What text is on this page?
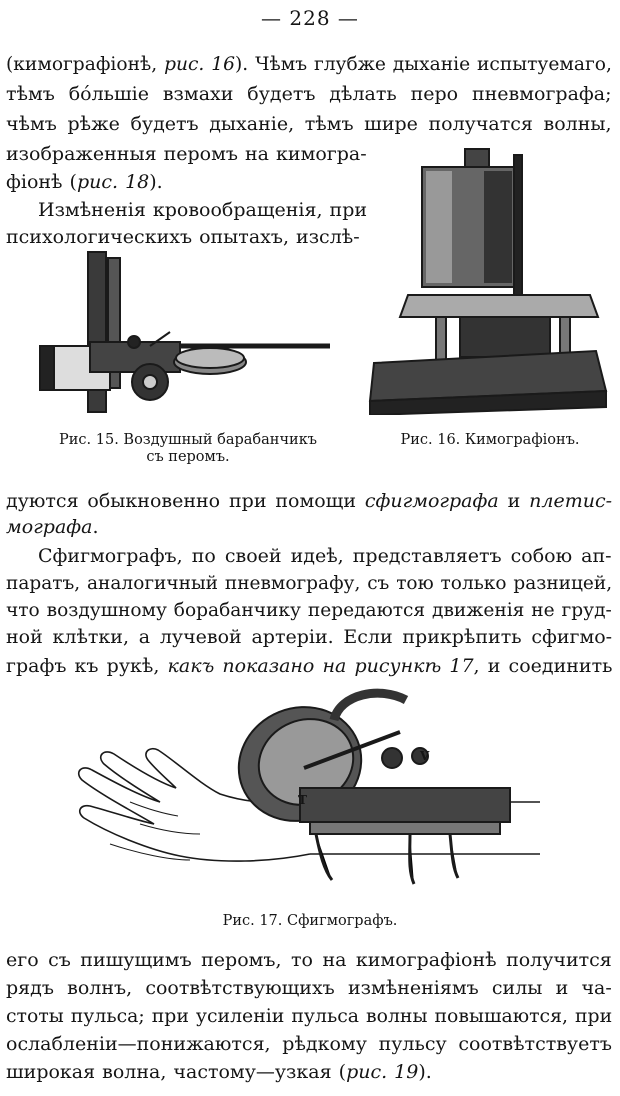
— 228 —
(кимографіонѣ, рис. 16). Чѣмъ глубже дыханіе испытуемаго,
тѣмъ бо́льшіе взмахи будетъ дѣлать перо пневмографа;
чѣмъ рѣже будетъ дыханіе, тѣмъ шире получатся волны,
изображенныя перомъ на кимогра-
фіонѣ (рис. 18).
Измѣненія кровообращенія, при
психологическихъ опытахъ, изслѣ-
Рис. 15. Воздушный барабанчикъ
съ перомъ.
Рис. 16. Кимографіонъ.
дуются обыкновенно при помощи сфигмографа и плетис-
мографа.
Сфигмографъ, по своей идеѣ, представляетъ собою ап-
паратъ, аналогичный пневмографу, съ тою только разницей,
что воздушному борабанчику передаются движенія не груд-
ной клѣтки, а лучевой артеріи. Если прикрѣпить сфигмо-
графъ къ рукѣ, какъ показано на рисункѣ 17, и соединить
V
T
Рис. 17. Сфигмографъ.
его съ пишущимъ перомъ, то на кимографіонѣ получится
рядъ волнъ, соотвѣтствующихъ измѣненіямъ силы и ча-
стоты пульса; при усиленіи пульса волны повышаются, при
ослабленіи—понижаются, рѣдкому пульсу соотвѣтствуетъ
широкая волна, частому—узкая (рис. 19).
